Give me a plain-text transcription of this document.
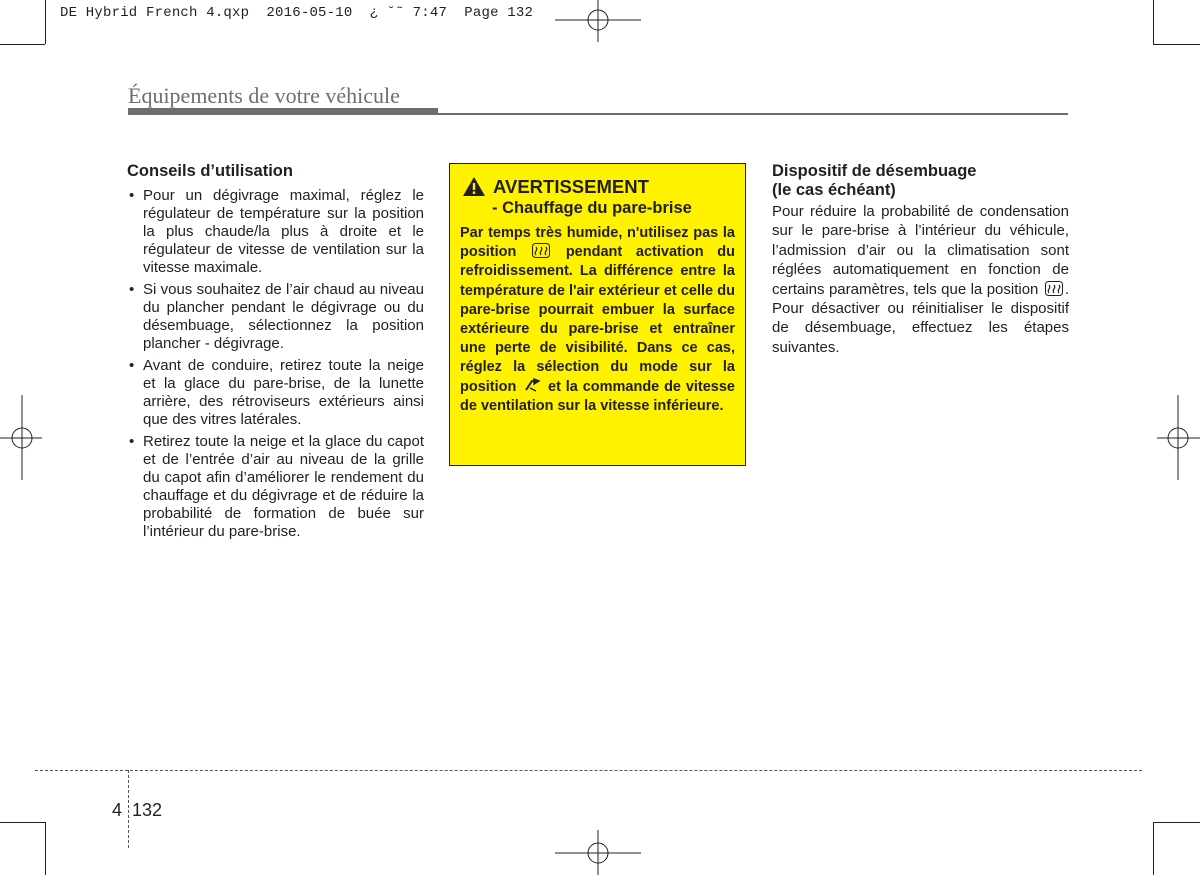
DE Hybrid French 4.qxp  2016-05-10  ¿ ˘˜ 7:47  Page 132
Équipements de votre véhicule
Conseils d’utilisation
• Pour un dégivrage maximal, réglez le régulateur de température sur la position la plus chaude/la plus à droite et le régulateur de vitesse de ventilation sur la vitesse maximale.
• Si vous souhaitez de l’air chaud au niveau du plancher pendant le dégivrage ou du désembuage, sélectionnez la position plancher - dégivrage.
• Avant de conduire, retirez toute la neige et la glace du pare-brise, de la lunette arrière, des rétroviseurs extérieurs ainsi que des vitres latérales.
• Retirez toute la neige et la glace du capot et de l’entrée d’air au niveau de la grille du capot afin d’améliorer le rendement du chauffage et du dégivrage et de réduire la probabilité de formation de buée sur l’intérieur du pare-brise.
AVERTISSEMENT
- Chauffage du pare-brise
Par temps très humide, n'utilisez pas la position	pendant activation du refroidissement. La différence entre la température de l'air extérieur et celle du pare-brise pourrait embuer la surface extérieure du pare-brise et entraîner une perte de visibilité. Dans ce cas, réglez la sélection du mode sur la position et la commande de vitesse de ventilation sur la vitesse inférieure.
Dispositif de désembuage
(le cas échéant)

Pour réduire la probabilité de condensation sur le pare-brise à l’intérieur du véhicule, l’admission d’air ou la climatisation sont réglées automatiquement en fonction de certains paramètres, tels que la position . Pour désactiver ou réinitialiser le dispositif de désembuage, effectuez les étapes suivantes.

4 132
